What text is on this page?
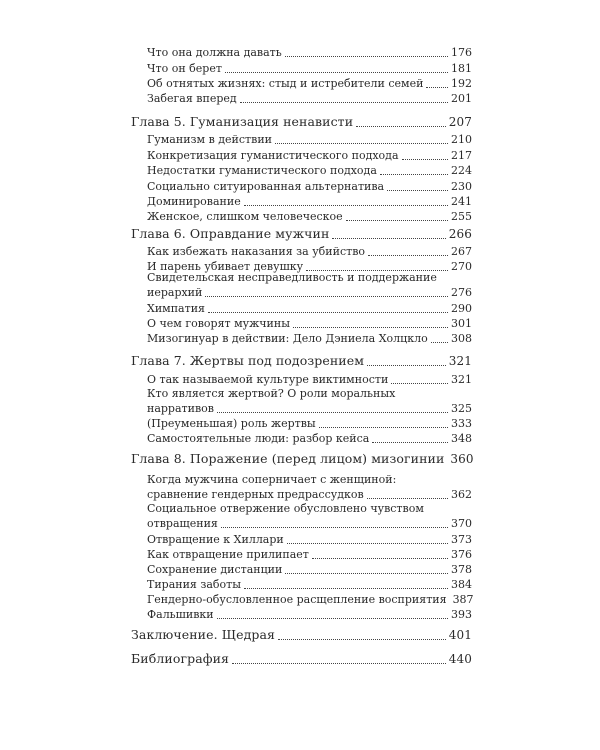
Что она должна давать	176
Что он берет	181
Об отнятых жизнях: стыд и истребители семей	192
Забегая вперед	201
Глава 5. Гуманизация ненависти	207
Гуманизм в действии	210
Конкретизация гуманистического подхода	217
Недостатки гуманистического подхода	224
Социально ситуированная альтернатива	230
Доминирование	241
Женское, слишком человеческое	255
Глава 6. Оправдание мужчин	266
Как избежать наказания за убийство	267
И парень убивает девушку	270
Свидетельская несправедливость и поддержание
иерархий	276
Химпатия	290
О чем говорят мужчины	301
Мизогинуар в действии: Дело Дэниела Холцкло 308
Глава 7. Жертвы под подозрением	321
О так называемой культуре виктимности	321
Кто является жертвой? О роли моральных
нарративов	325
(Преуменьшая) роль жертвы	333
Самостоятельные люди: разбор кейса	348
Глава 8. Поражение (перед лицом) мизогинии 360
Когда мужчина соперничает с женщиной:
сравнение гендерных предрассудков	362
Социальное отвержение обусловлено чувством
отвращения	370
Отвращение к Хиллари	373
Как отвращение прилипает	376
Сохранение дистанции	378
Тирания заботы	384
Гендерно-обусловленное расщепление восприятия 387
Фальшивки	393
Заключение. Щедрая	401
Библиография	440
